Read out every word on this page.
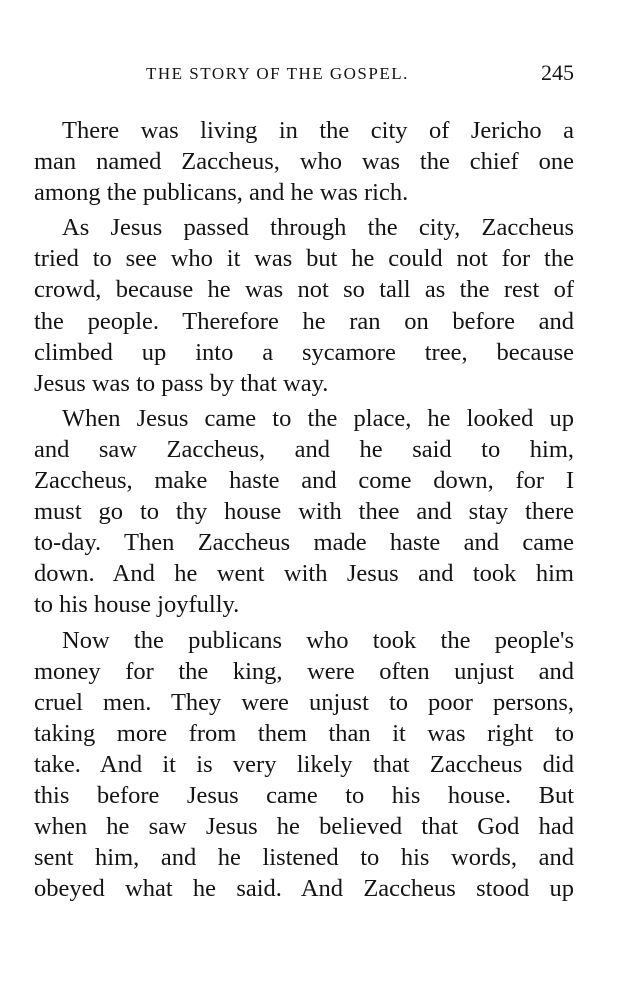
THE STORY OF THE GOSPEL.	245
There was living in the city of Jericho a
man named Zaccheus, who was the chief one
among the publicans, and he was rich.
As Jesus passed through the city, Zaccheus
tried to see who it was but he could not for the
crowd, because he was not so tall as the rest of
the people. Therefore he ran on before and
climbed up into a sycamore tree, because
Jesus was to pass by that way.
When Jesus came to the place, he looked up
and saw Zaccheus, and he said to him,
Zaccheus, make haste and come down, for I
must go to thy house with thee and stay there
to-day. Then Zaccheus made haste and came
down. And he went with Jesus and took him
to his house joyfully.
Now the publicans who took the people's
money for the king, were often unjust and
cruel men. They were unjust to poor persons,
taking more from them than it was right to
take. And it is very likely that Zaccheus did
this before Jesus came to his house. But
when he saw Jesus he believed that God had
sent him, and he listened to his words, and
obeyed what he said. And Zaccheus stood up
